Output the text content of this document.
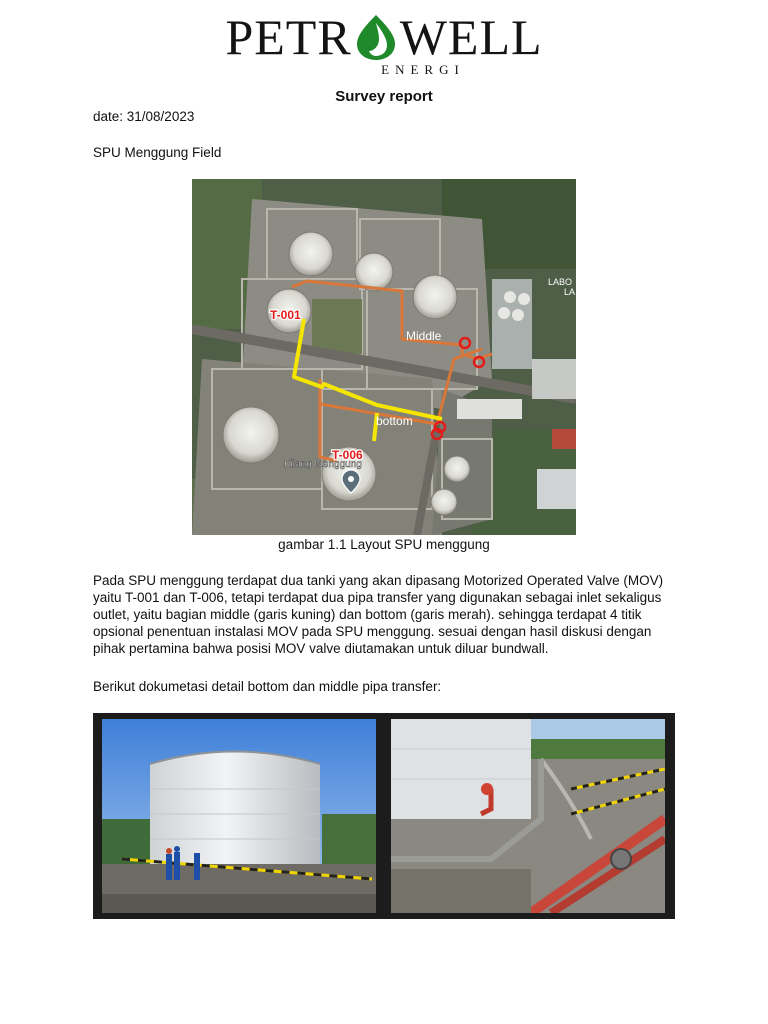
PETR WELL
ENERGI
Survey report
date: 31/08/2023
SPU Menggung Field
T-001
T-006
Middle
bottom
Kilang Menggung
LABO
LA
gambar 1.1 Layout SPU menggung
Pada SPU menggung terdapat dua tanki yang akan dipasang Motorized Operated Valve (MOV) yaitu T-001 dan T-006, tetapi terdapat dua pipa transfer yang digunakan sebagai inlet sekaligus outlet, yaitu bagian middle (garis kuning) dan bottom (garis merah). sehingga terdapat 4 titik opsional penentuan instalasi MOV pada SPU menggung. sesuai dengan hasil diskusi dengan pihak pertamina bahwa posisi MOV valve diutamakan untuk diluar bundwall.
Berikut dokumetasi detail bottom dan middle pipa transfer:
